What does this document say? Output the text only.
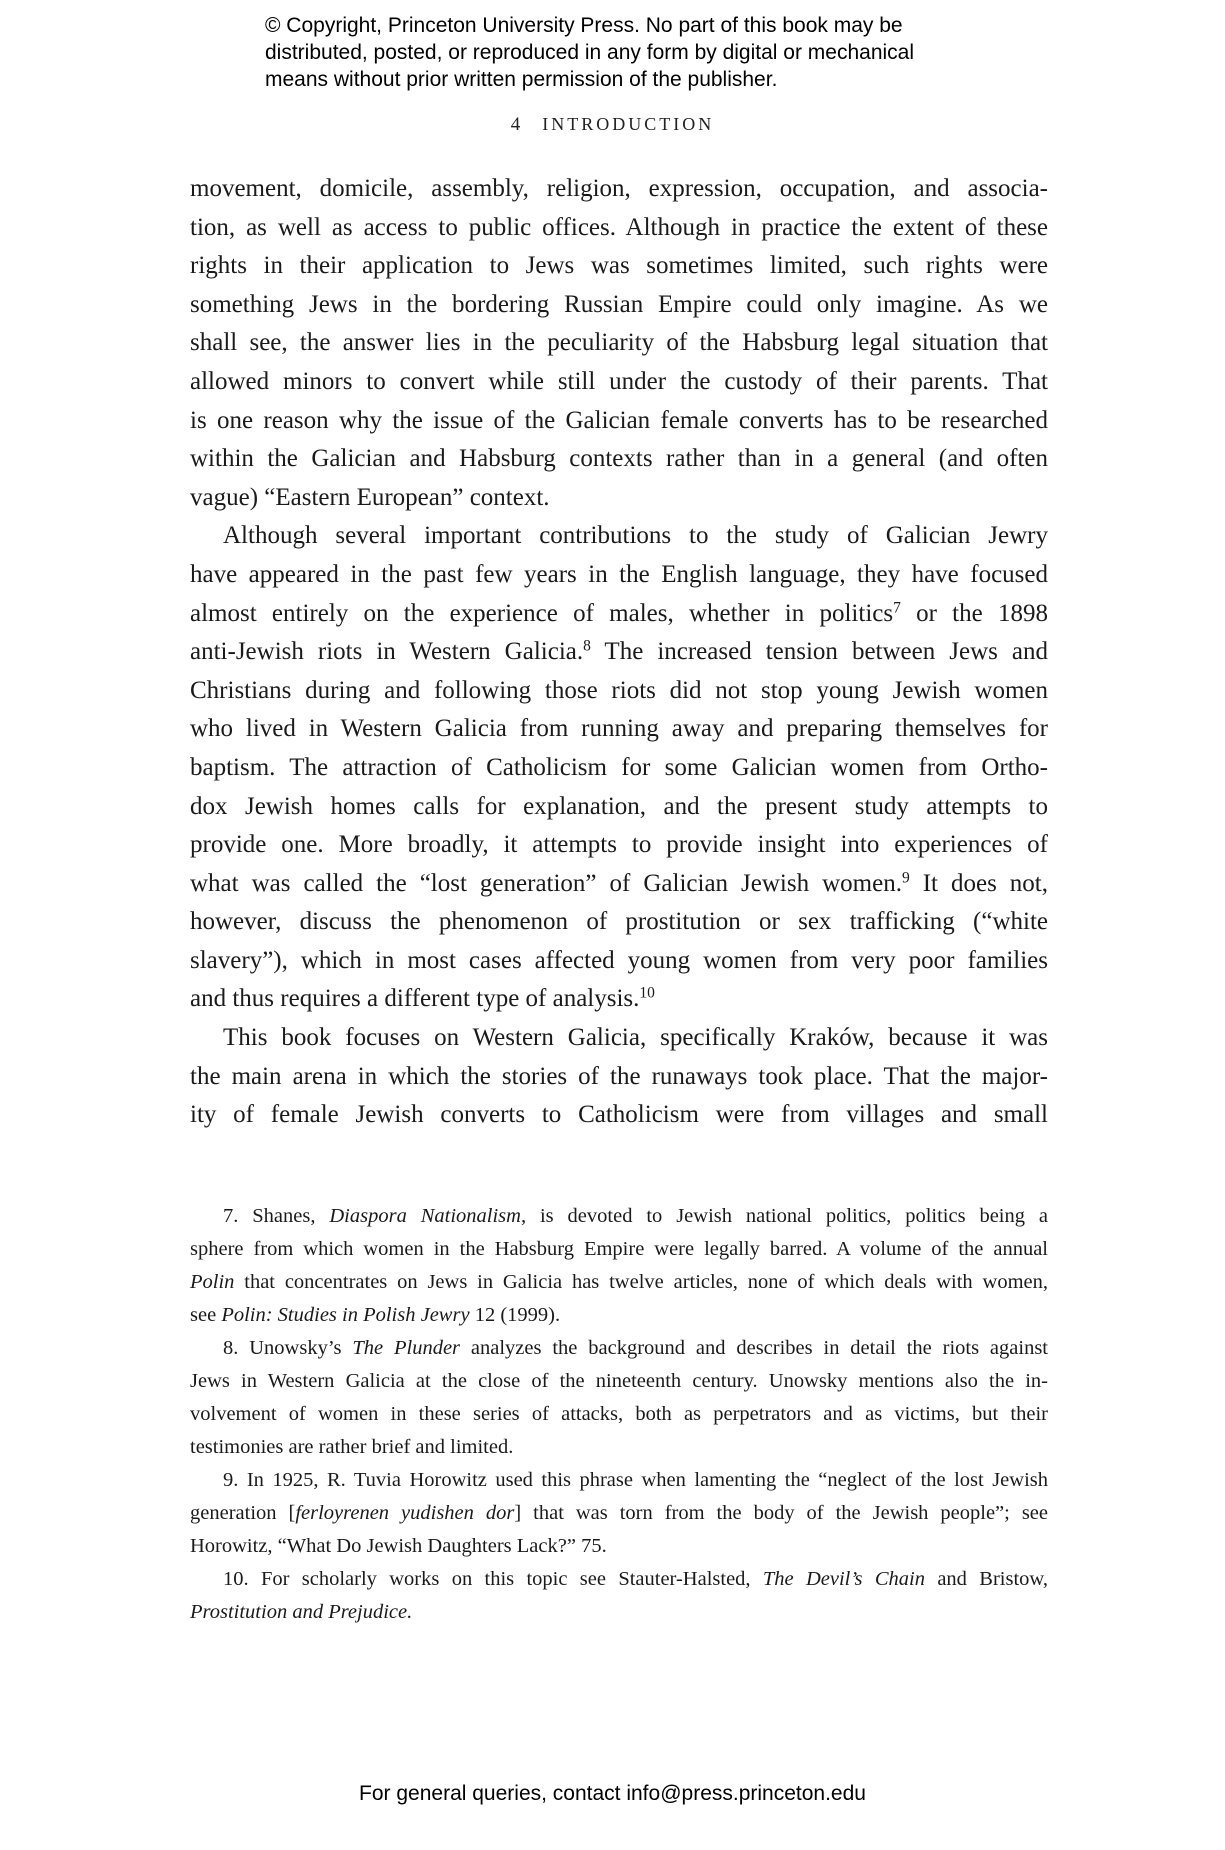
© Copyright, Princeton University Press. No part of this book may be
distributed, posted, or reproduced in any form by digital or mechanical
means without prior written permission of the publisher.
4 INTRODUCTION
movement, domicile, assembly, religion, expression, occupation, and associa-
tion, as well as access to public offices. Although in practice the extent of these
rights in their application to Jews was sometimes limited, such rights were
something Jews in the bordering Russian Empire could only imagine. As we
shall see, the answer lies in the peculiarity of the Habsburg legal situation that
allowed minors to convert while still under the custody of their parents. That
is one reason why the issue of the Galician female converts has to be researched
within the Galician and Habsburg contexts rather than in a general (and often
vague) “Eastern European” context.
Although several important contributions to the study of Galician Jewry
have appeared in the past few years in the English language, they have focused
almost entirely on the experience of males, whether in politics$^7$ or the 1898
anti-Jewish riots in Western Galicia.$^8$ The increased tension between Jews and
Christians during and following those riots did not stop young Jewish women
who lived in Western Galicia from running away and preparing themselves for
baptism. The attraction of Catholicism for some Galician women from Ortho-
dox Jewish homes calls for explanation, and the present study attempts to
provide one. More broadly, it attempts to provide insight into experiences of
what was called the “lost generation” of Galician Jewish women.$^9$ It does not,
however, discuss the phenomenon of prostitution or sex trafficking (“white
slavery”), which in most cases affected young women from very poor families
and thus requires a different type of analysis.$^{10}$
This book focuses on Western Galicia, specifically Kraków, because it was
the main arena in which the stories of the runaways took place. That the major-
ity of female Jewish converts to Catholicism were from villages and small
7. Shanes, Diaspora Nationalism, is devoted to Jewish national politics, politics being a
sphere from which women in the Habsburg Empire were legally barred. A volume of the annual
Polin that concentrates on Jews in Galicia has twelve articles, none of which deals with women,
see Polin: Studies in Polish Jewry 12 (1999).
8. Unowsky’s The Plunder analyzes the background and describes in detail the riots against
Jews in Western Galicia at the close of the nineteenth century. Unowsky mentions also the in-
volvement of women in these series of attacks, both as perpetrators and as victims, but their
testimonies are rather brief and limited.
9. In 1925, R. Tuvia Horowitz used this phrase when lamenting the “neglect of the lost Jewish
generation [ferloyrenen yudishen dor] that was torn from the body of the Jewish people”; see
Horowitz, “What Do Jewish Daughters Lack?” 75.
10. For scholarly works on this topic see Stauter-Halsted, The Devil’s Chain and Bristow,
Prostitution and Prejudice.
For general queries, contact info@press.princeton.edu
